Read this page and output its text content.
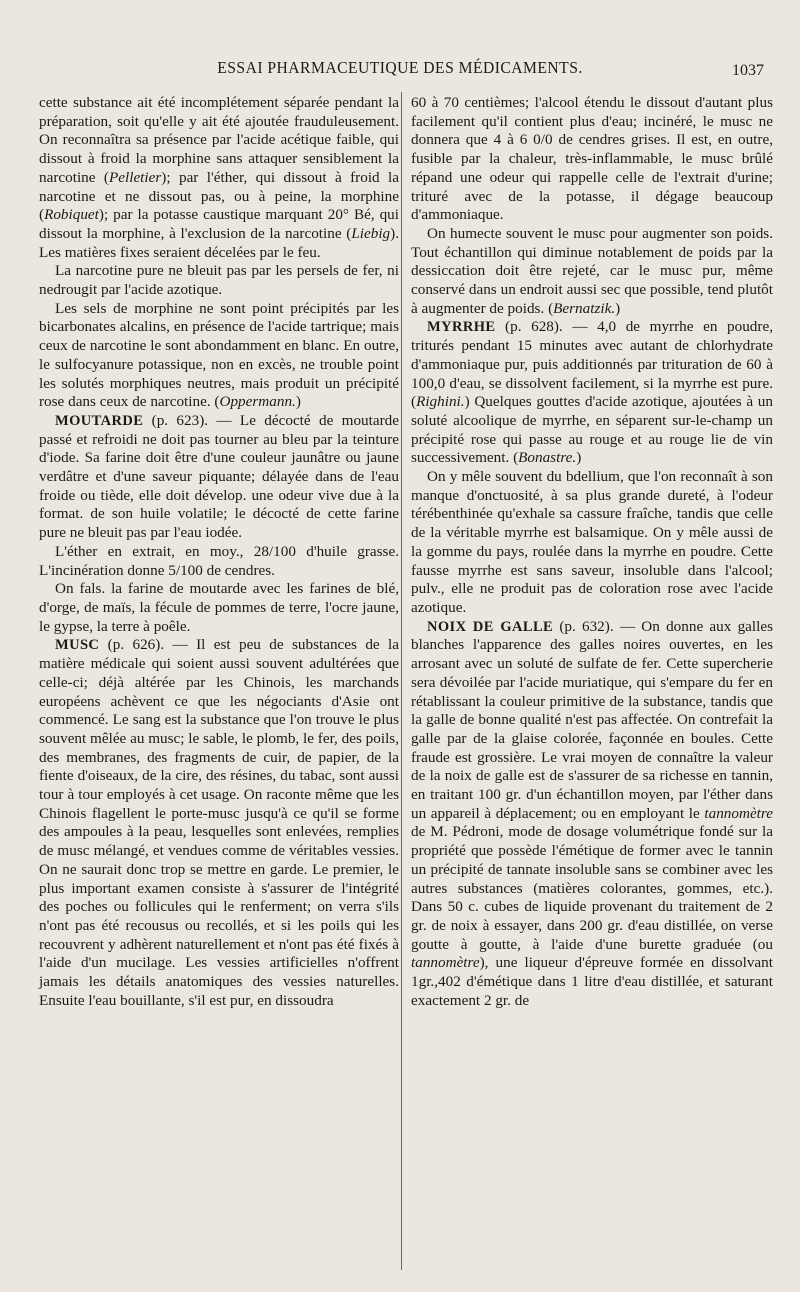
ESSAI PHARMACEUTIQUE DES MÉDICAMENTS.	1037

cette substance ait été incomplétement séparée pendant la préparation, soit qu'elle y ait été ajoutée frauduleusement. On reconnaîtra sa présence par l'acide acétique faible, qui dissout à froid la morphine sans attaquer sensiblement la narcotine (Pelletier); par l'éther, qui dissout à froid la narcotine et ne dissout pas, ou à peine, la morphine (Robiquet); par la potasse caustique marquant 20° Bé, qui dissout la morphine, à l'exclusion de la narcotine (Liebig). Les matières fixes seraient décelées par le feu.

La narcotine pure ne bleuit pas par les persels de fer, ni nedrougit par l'acide azotique.

Les sels de morphine ne sont point précipités par les bicarbonates alcalins, en présence de l'acide tartrique; mais ceux de narcotine le sont abondamment en blanc. En outre, le sulfocyanure potassique, non en excès, ne trouble point les solutés morphiques neutres, mais produit un précipité rose dans ceux de narcotine. (Oppermann.)

MOUTARDE (p. 623). — Le décocté de moutarde passé et refroidi ne doit pas tourner au bleu par la teinture d'iode. Sa farine doit être d'une couleur jaunâtre ou jaune verdâtre et d'une saveur piquante; délayée dans de l'eau froide ou tiède, elle doit dévelop. une odeur vive due à la format. de son huile volatile; le décocté de cette farine pure ne bleuit pas par l'eau iodée.

L'éther en extrait, en moy., 28/100 d'huile grasse. L'incinération donne 5/100 de cendres.

On fals. la farine de moutarde avec les farines de blé, d'orge, de maïs, la fécule de pommes de terre, l'ocre jaune, le gypse, la terre à poêle.

MUSC (p. 626). — Il est peu de substances de la matière médicale qui soient aussi souvent adultérées que celle-ci; déjà altérée par les Chinois, les marchands européens achèvent ce que les négociants d'Asie ont commencé. Le sang est la substance que l'on trouve le plus souvent mêlée au musc; le sable, le plomb, le fer, des poils, des membranes, des fragments de cuir, de papier, de la fiente d'oiseaux, de la cire, des résines, du tabac, sont aussi tour à tour employés à cet usage. On raconte même que les Chinois flagellent le porte-musc jusqu'à ce qu'il se forme des ampoules à la peau, lesquelles sont enlevées, remplies de musc mélangé, et vendues comme de véritables vessies. On ne saurait donc trop se mettre en garde. Le premier, le plus important examen consiste à s'assurer de l'intégrité des poches ou follicules qui le renferment; on verra s'ils n'ont pas été recousus ou recollés, et si les poils qui les recouvrent y adhèrent naturellement et n'ont pas été fixés à l'aide d'un mucilage. Les vessies artificielles n'offrent jamais les détails anatomiques des vessies naturelles. Ensuite l'eau bouillante, s'il est pur, en dissoudra

60 à 70 centièmes; l'alcool étendu le dissout d'autant plus facilement qu'il contient plus d'eau; incinéré, le musc ne donnera que 4 à 6 0/0 de cendres grises. Il est, en outre, fusible par la chaleur, très-inflammable, le musc brûlé répand une odeur qui rappelle celle de l'extrait d'urine; trituré avec de la potasse, il dégage beaucoup d'ammoniaque.

On humecte souvent le musc pour augmenter son poids. Tout échantillon qui diminue notablement de poids par la dessiccation doit être rejeté, car le musc pur, même conservé dans un endroit aussi sec que possible, tend plutôt à augmenter de poids. (Bernatzik.)

MYRRHE (p. 628). — 4,0 de myrrhe en poudre, triturés pendant 15 minutes avec autant de chlorhydrate d'ammoniaque pur, puis additionnés par trituration de 60 à 100,0 d'eau, se dissolvent facilement, si la myrrhe est pure. (Righini.) Quelques gouttes d'acide azotique, ajoutées à un soluté alcoolique de myrrhe, en séparent sur-le-champ un précipité rose qui passe au rouge et au rouge lie de vin successivement. (Bonastre.)

On y mêle souvent du bdellium, que l'on reconnaît à son manque d'onctuosité, à sa plus grande dureté, à l'odeur térébenthinée qu'exhale sa cassure fraîche, tandis que celle de la véritable myrrhe est balsamique. On y mêle aussi de la gomme du pays, roulée dans la myrrhe en poudre. Cette fausse myrrhe est sans saveur, insoluble dans l'alcool; pulv., elle ne produit pas de coloration rose avec l'acide azotique.

NOIX DE GALLE (p. 632). — On donne aux galles blanches l'apparence des galles noires ouvertes, en les arrosant avec un soluté de sulfate de fer. Cette supercherie sera dévoilée par l'acide muriatique, qui s'empare du fer en rétablissant la couleur primitive de la substance, tandis que la galle de bonne qualité n'est pas affectée. On contrefait la galle par de la glaise colorée, façonnée en boules. Cette fraude est grossière. Le vrai moyen de connaître la valeur de la noix de galle est de s'assurer de sa richesse en tannin, en traitant 100 gr. d'un échantillon moyen, par l'éther dans un appareil à déplacement; ou en employant le tannomètre de M. Pédroni, mode de dosage volumétrique fondé sur la propriété que possède l'émétique de former avec le tannin un précipité de tannate insoluble sans se combiner avec les autres substances (matières colorantes, gommes, etc.). Dans 50 c. cubes de liquide provenant du traitement de 2 gr. de noix à essayer, dans 200 gr. d'eau distillée, on verse goutte à goutte, à l'aide d'une burette graduée (ou tannomètre), une liqueur d'épreuve formée en dissolvant 1gr.,402 d'émétique dans 1 litre d'eau distillée, et saturant exactement 2 gr. de
